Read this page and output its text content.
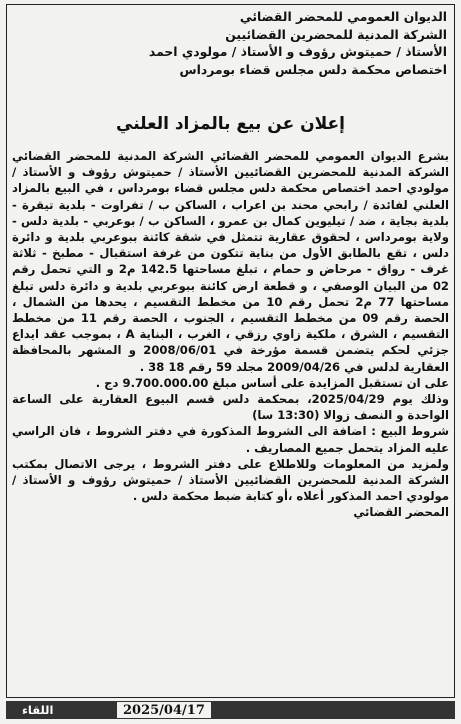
الديوان العمومي للمحضر القضائي
الشركة المدنية للمحضرين القضائيين
الأستاذ / حميتوش رؤوف و الأستاذ / مولودي احمد
اختصاص محكمة دلس مجلس قضاء بومرداس
إعلان عن بيع بالمزاد العلني

بشرع الديوان العمومي للمحضر القضائي الشركة المدنية للمحضر القضائي الشركة المدنية للمحضرين القضائيين الأستاذ / حميتوش رؤوف و الأستاذ /مولودي احمد اختصاص محكمة دلس مجلس قضاء بومرداس ، في البيع بالمزاد العلني لفائدة / رابحي محند بن اعراب ، الساكن ب / تفراوت - بلدية تيقرة - بلدية بجاية ، ضد / تيليوين كمال بن عمرو ، الساكن ب / بوعربي - بلدية دلس - ولاية بومرداس ، لحقوق عقارية تتمثل في شقة كائنة ببوعربي بلدية و دائرة دلس ، تقع بالطابق الأول من بناية تتكون من غرفة استقبال - مطبخ - ثلاثة غرف - رواق - مرحاض و حمام ، تبلغ مساحتها 142.5 م2 و التي تحمل رقم 02 من البيان الوصفي ، و قطعة ارض كائنة ببوعربي بلدية و دائرة دلس تبلغ مساحتها 77 م2 تحمل رقم 10 من مخطط التقسيم ، يحدها من الشمال ، الحصة رقم 09 من مخطط التقسيم ، الجنوب ، الحصة رقم 11 من مخطط التقسيم ، الشرق ، ملكية زاوي رزقي ، الغرب ، البناية A ، بموجب عقد ايداع جزئي لحكم يتضمن قسمة مؤرخة في 2008/06/01 و المشهر بالمحافظة العقارية لدلس في 2009/04/26 مجلد 59 رقم 18 38 .

على ان تستقبل المزايدة على أساس مبلغ 9.700.000.00 دج .

وذلك يوم 2025/04/29، بمحكمة دلس قسم البيوع العقارية على الساعة الواحدة و النصف زوالا (13:30 سا)

شروط البيع : اضافة الى الشروط المذكورة في دفتر الشروط ، فان الراسي عليه المزاد يتحمل جميع المصاريف .

ولمزيد من المعلومات وللاطلاع على دفتر الشروط ، يرجى الاتصال بمكتب الشركة المدنية للمحضرين القضائيين الأستاذ / حميتوش رؤوف و الأستاذ /مولودي احمد المذكور أعلاه ،أو كتابة ضبط محكمة دلس .

المحضر القضائي

اللقاء	2025/04/17
